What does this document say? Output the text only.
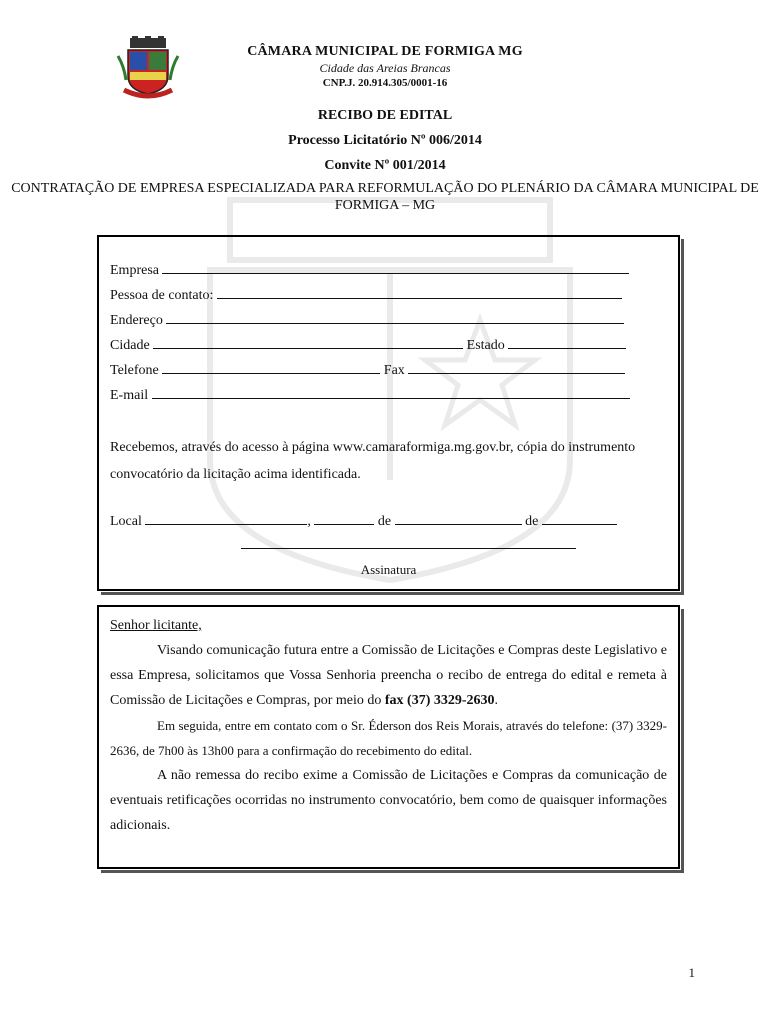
CÂMARA MUNICIPAL DE FORMIGA MG
Cidade das Areias Brancas
CNP.J. 20.914.305/0001-16
RECIBO DE EDITAL
Processo Licitatório Nº 006/2014
Convite Nº 001/2014
CONTRATAÇÃO DE EMPRESA ESPECIALIZADA PARA REFORMULAÇÃO DO PLENÁRIO DA CÂMARA MUNICIPAL DE FORMIGA – MG
Empresa
Pessoa de contato:
Endereço
Cidade	Estado
Telefone	Fax
E-mail
Recebemos, através do acesso à página www.camaraformiga.mg.gov.br, cópia do instrumento convocatório da licitação acima identificada.
Local	,	de	de
Assinatura
Senhor licitante,
Visando comunicação futura entre a Comissão de Licitações e Compras deste Legislativo e essa Empresa, solicitamos que Vossa Senhoria preencha o recibo de entrega do edital e remeta à Comissão de Licitações e Compras, por meio do fax (37) 3329-2630.
Em seguida, entre em contato com o Sr. Éderson dos Reis Morais, através do telefone: (37) 3329-2636, de 7h00 às 13h00 para a confirmação do recebimento do edital.
A não remessa do recibo exime a Comissão de Licitações e Compras da comunicação de eventuais retificações ocorridas no instrumento convocatório, bem como de quaisquer informações adicionais.
1
